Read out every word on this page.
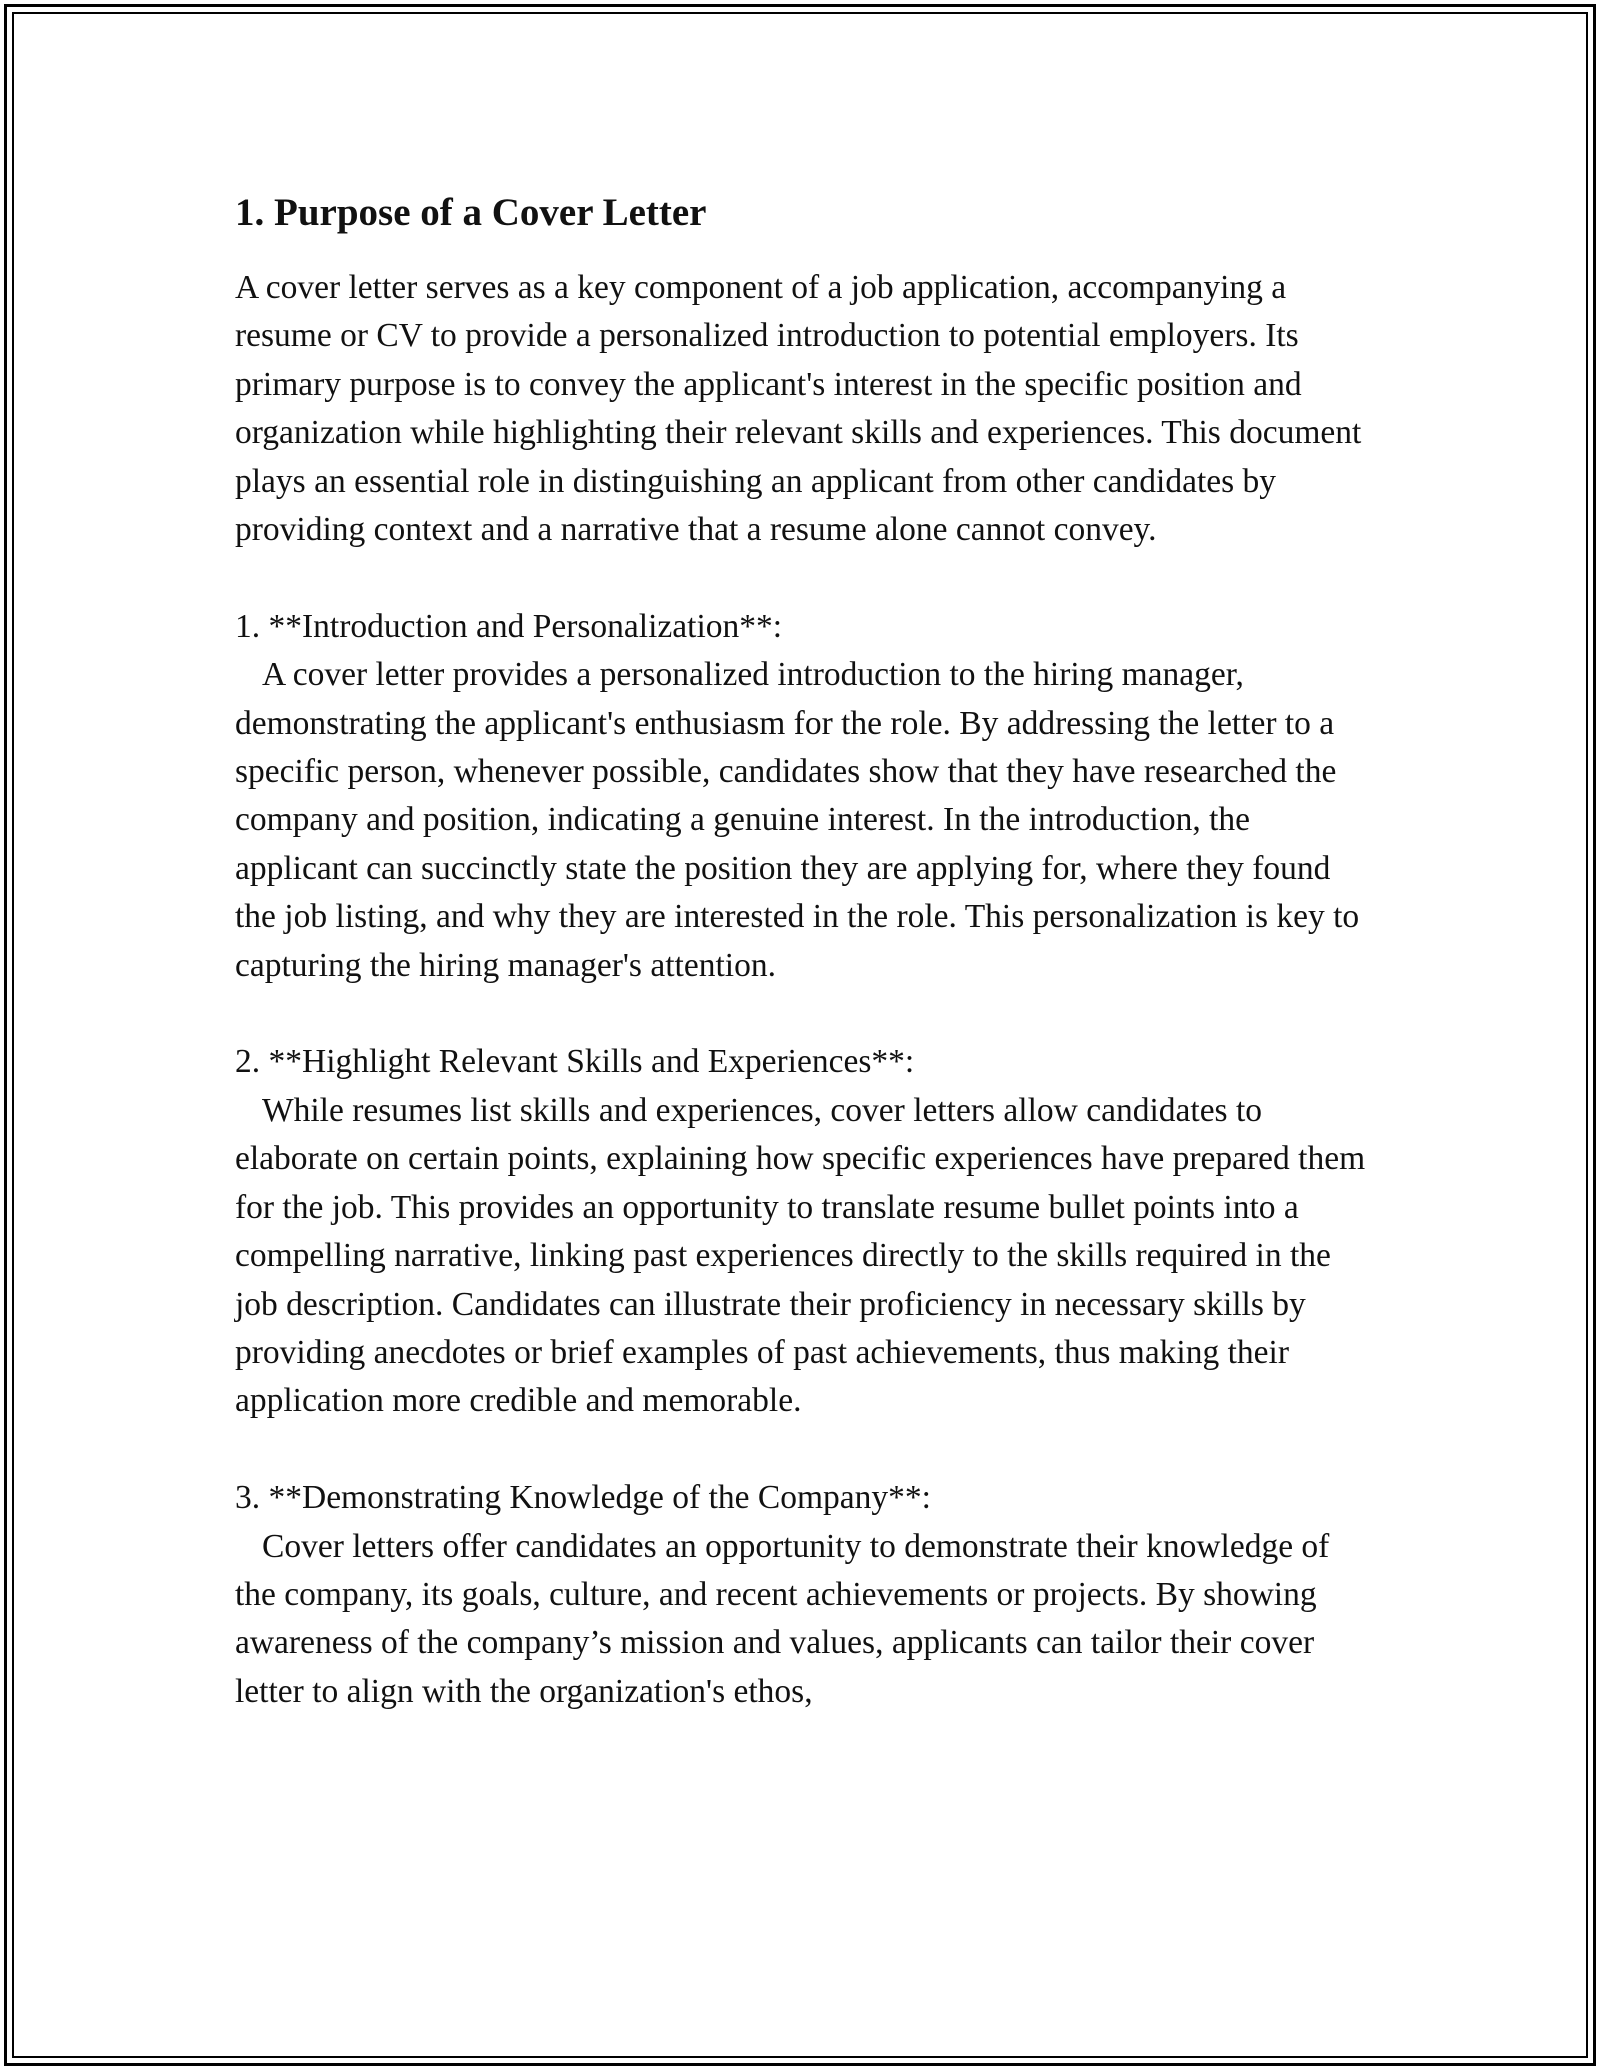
1. Purpose of a Cover Letter

A cover letter serves as a key component of a job application, accompanying a resume or CV to provide a personalized introduction to potential employers. Its primary purpose is to convey the applicant's interest in the specific position and organization while highlighting their relevant skills and experiences. This document plays an essential role in distinguishing an applicant from other candidates by providing context and a narrative that a resume alone cannot convey.

1. **Introduction and Personalization**:

A cover letter provides a personalized introduction to the hiring manager, demonstrating the applicant's enthusiasm for the role. By addressing the letter to a specific person, whenever possible, candidates show that they have researched the company and position, indicating a genuine interest. In the introduction, the applicant can succinctly state the position they are applying for, where they found the job listing, and why they are interested in the role. This personalization is key to capturing the hiring manager's attention.

2. **Highlight Relevant Skills and Experiences**:

While resumes list skills and experiences, cover letters allow candidates to elaborate on certain points, explaining how specific experiences have prepared them for the job. This provides an opportunity to translate resume bullet points into a compelling narrative, linking past experiences directly to the skills required in the job description. Candidates can illustrate their proficiency in necessary skills by providing anecdotes or brief examples of past achievements, thus making their application more credible and memorable.

3. **Demonstrating Knowledge of the Company**:

Cover letters offer candidates an opportunity to demonstrate their knowledge of the company, its goals, culture, and recent achievements or projects. By showing awareness of the company’s mission and values, applicants can tailor their cover letter to align with the organization's ethos,
